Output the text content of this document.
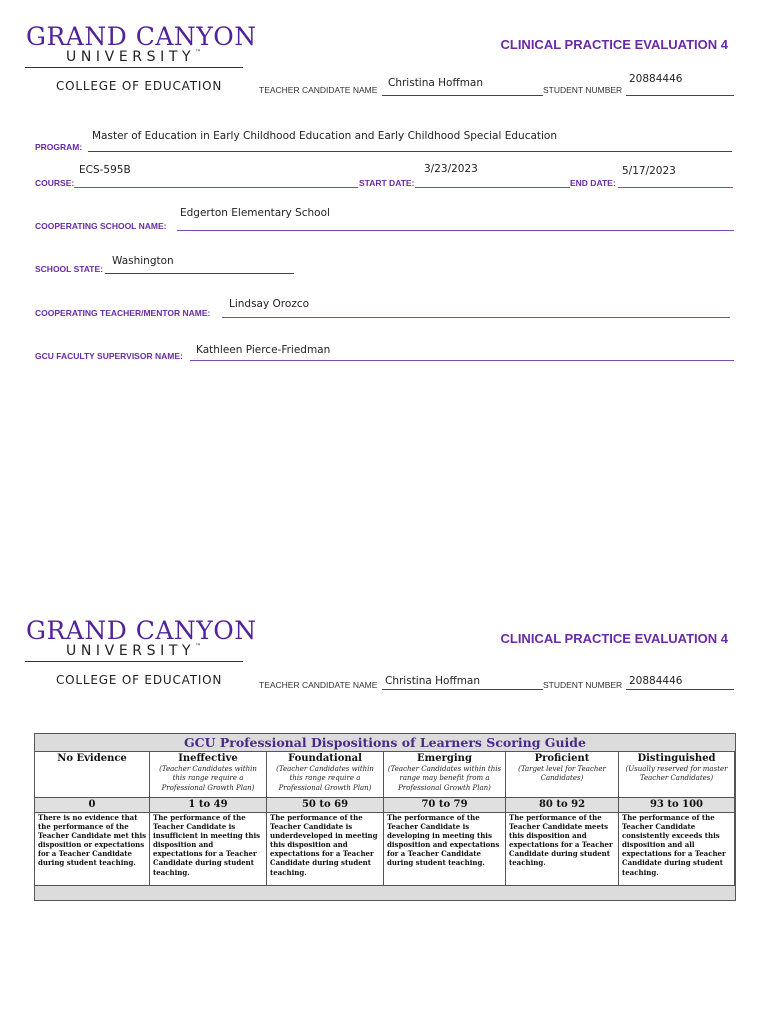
GRAND CANYON
UNIVERSITY™
COLLEGE OF EDUCATION
CLINICAL PRACTICE EVALUATION 4
TEACHER CANDIDATE NAME
Christina Hoffman
STUDENT NUMBER
20884446
PROGRAM:
Master of Education in Early Childhood Education and Early Childhood Special Education
COURSE:
ECS-595B
START DATE:
3/23/2023
END DATE:
5/17/2023
COOPERATING SCHOOL NAME:
Edgerton Elementary School
SCHOOL STATE:
Washington
COOPERATING TEACHER/MENTOR NAME:
Lindsay Orozco
GCU FACULTY SUPERVISOR NAME: Kathleen Pierce-Friedman
GRAND CANYON
UNIVERSITY™
COLLEGE OF EDUCATION
CLINICAL PRACTICE EVALUATION 4
TEACHER CANDIDATE NAME Christina Hoffman	STUDENT NUMBER 20884446
GCU Professional Dispositions of Learners Scoring Guide
No Evidence
0
There is no evidence that the performance of the Teacher Candidate met this disposition or expectations for a Teacher Candidate during student teaching.
Ineffective
(Teacher Candidates within this range require a Professional Growth Plan)
1 to 49
The performance of the Teacher Candidate is insufficient in meeting this disposition and expectations for a Teacher Candidate during student teaching.
Foundational
(Teacher Candidates within this range require a Professional Growth Plan)
50 to 69
The performance of the Teacher Candidate is underdeveloped in meeting this disposition and expectations for a Teacher Candidate during student teaching.
Emerging
(Teacher Candidates within this range may benefit from a Professional Growth Plan)
70 to 79
The performance of the Teacher Candidate is developing in meeting this disposition and expectations for a Teacher Candidate during student teaching.
Proficient
(Target level for Teacher Candidates)
80 to 92
The performance of the Teacher Candidate meets this disposition and expectations for a Teacher Candidate during student teaching.
Distinguished
(Usually reserved for master Teacher Candidates)
93 to 100
The performance of the Teacher Candidate consistently exceeds this disposition and all expectations for a Teacher Candidate during student teaching.
